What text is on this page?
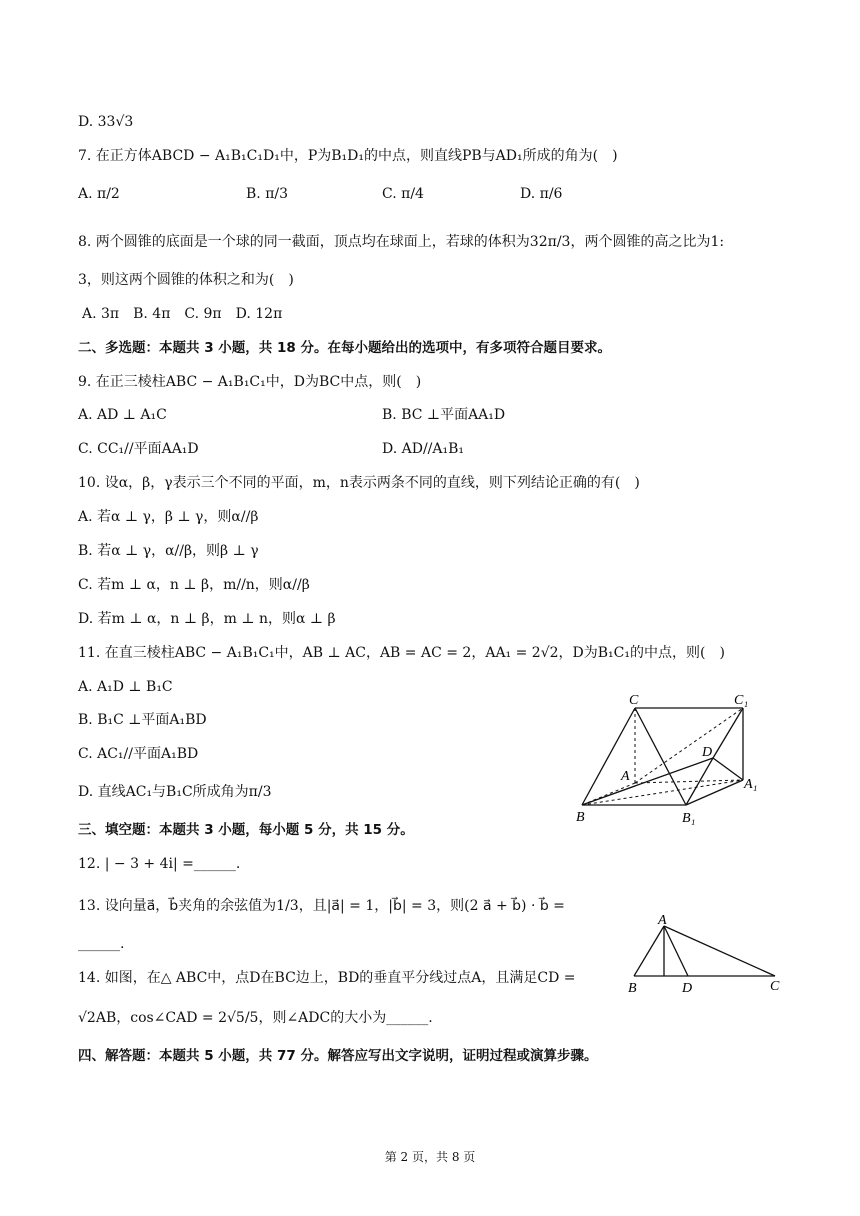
D. 33√3
7. 在正方体ABCD − A₁B₁C₁D₁中，P为B₁D₁的中点，则直线PB与AD₁所成的角为(　)
A. π/2	B. π/3	C. π/4	D. π/6
8. 两个圆锥的底面是一个球的同一截面，顶点均在球面上，若球的体积为32π/3，两个圆锥的高之比为1:
3，则这两个圆锥的体积之和为(　)
A. 3π　B. 4π　C. 9π　D. 12π
二、多选题：本题共 3 小题，共 18 分。在每小题给出的选项中，有多项符合题目要求。
9. 在正三棱柱ABC − A₁B₁C₁中，D为BC中点，则(　)
A. AD ⊥ A₁C	B. BC ⊥平面AA₁D
C. CC₁//平面AA₁D	D. AD//A₁B₁
10. 设α，β，γ表示三个不同的平面，m，n表示两条不同的直线，则下列结论正确的有(　)
A. 若α ⊥ γ，β ⊥ γ，则α//β
B. 若α ⊥ γ，α//β，则β ⊥ γ
C. 若m ⊥ α，n ⊥ β，m//n，则α//β
D. 若m ⊥ α，n ⊥ β，m ⊥ n，则α ⊥ β
11. 在直三棱柱ABC − A₁B₁C₁中，AB ⊥ AC，AB = AC = 2，AA₁ = 2√2，D为B₁C₁的中点，则(　)
A. A₁D ⊥ B₁C
B. B₁C ⊥平面A₁BD
C. AC₁//平面A₁BD
D. 直线AC₁与B₁C所成角为π/3
C	C₁
D
A
A₁
B	B₁
三、填空题：本题共 3 小题，每小题 5 分，共 15 分。
12. | − 3 + 4i| =______.
13. 设向量a⃗，b⃗夹角的余弦值为1/3，且|a⃗| = 1，|b⃗| = 3，则(2 a⃗ + b⃗) · b⃗ =
______.
14. 如图，在△ ABC中，点D在BC边上，BD的垂直平分线过点A，且满足CD =
√2AB，cos∠CAD = 2√5/5，则∠ADC的大小为______.
A
B	D	C
四、解答题：本题共 5 小题，共 77 分。解答应写出文字说明，证明过程或演算步骤。
第 2 页，共 8 页
